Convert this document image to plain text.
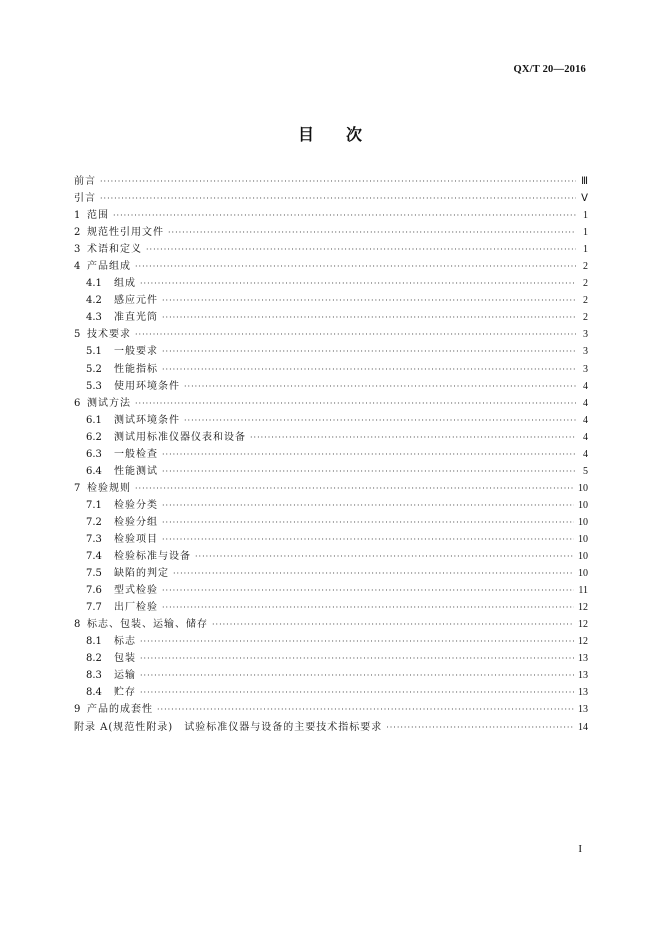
QX/T 20—2016
目 次
前言 ·····	Ⅲ
引言 ·····	Ⅴ
1 范围 ·····	1
2 规范性引用文件 ·····	1
3 术语和定义 ·····	1
4 产品组成 ·····	2
4.1	组成 ·····	2
4.2	感应元件 ·····	2
4.3	准直光筒 ·····	2
5 技术要求 ·····	3
5.1	一般要求 ·····	3
5.2	性能指标 ·····	3
5.3	使用环境条件 ·····	4
6 测试方法 ·····	4
6.1	测试环境条件 ·····	4
6.2	测试用标准仪器仪表和设备 ·····	4
6.3	一般检查 ·····	4
6.4	性能测试 ·····	5
7 检验规则 ·····	10
7.1	检验分类 ·····	10
7.2	检验分组 ·····	10
7.3	检验项目 ·····	10
7.4	检验标准与设备 ·····	10
7.5	缺陷的判定 ·····	10
7.6	型式检验 ·····	11
7.7	出厂检验 ·····	12
8 标志、包装、运输、储存 ·····	12
8.1	标志 ·····	12
8.2	包装 ·····	13
8.3	运输 ·····	13
8.4	贮存 ·····	13
9 产品的成套性 ·····	13
附录 A(规范性附录)　试验标准仪器与设备的主要技术指标要求 ·····	14
I
